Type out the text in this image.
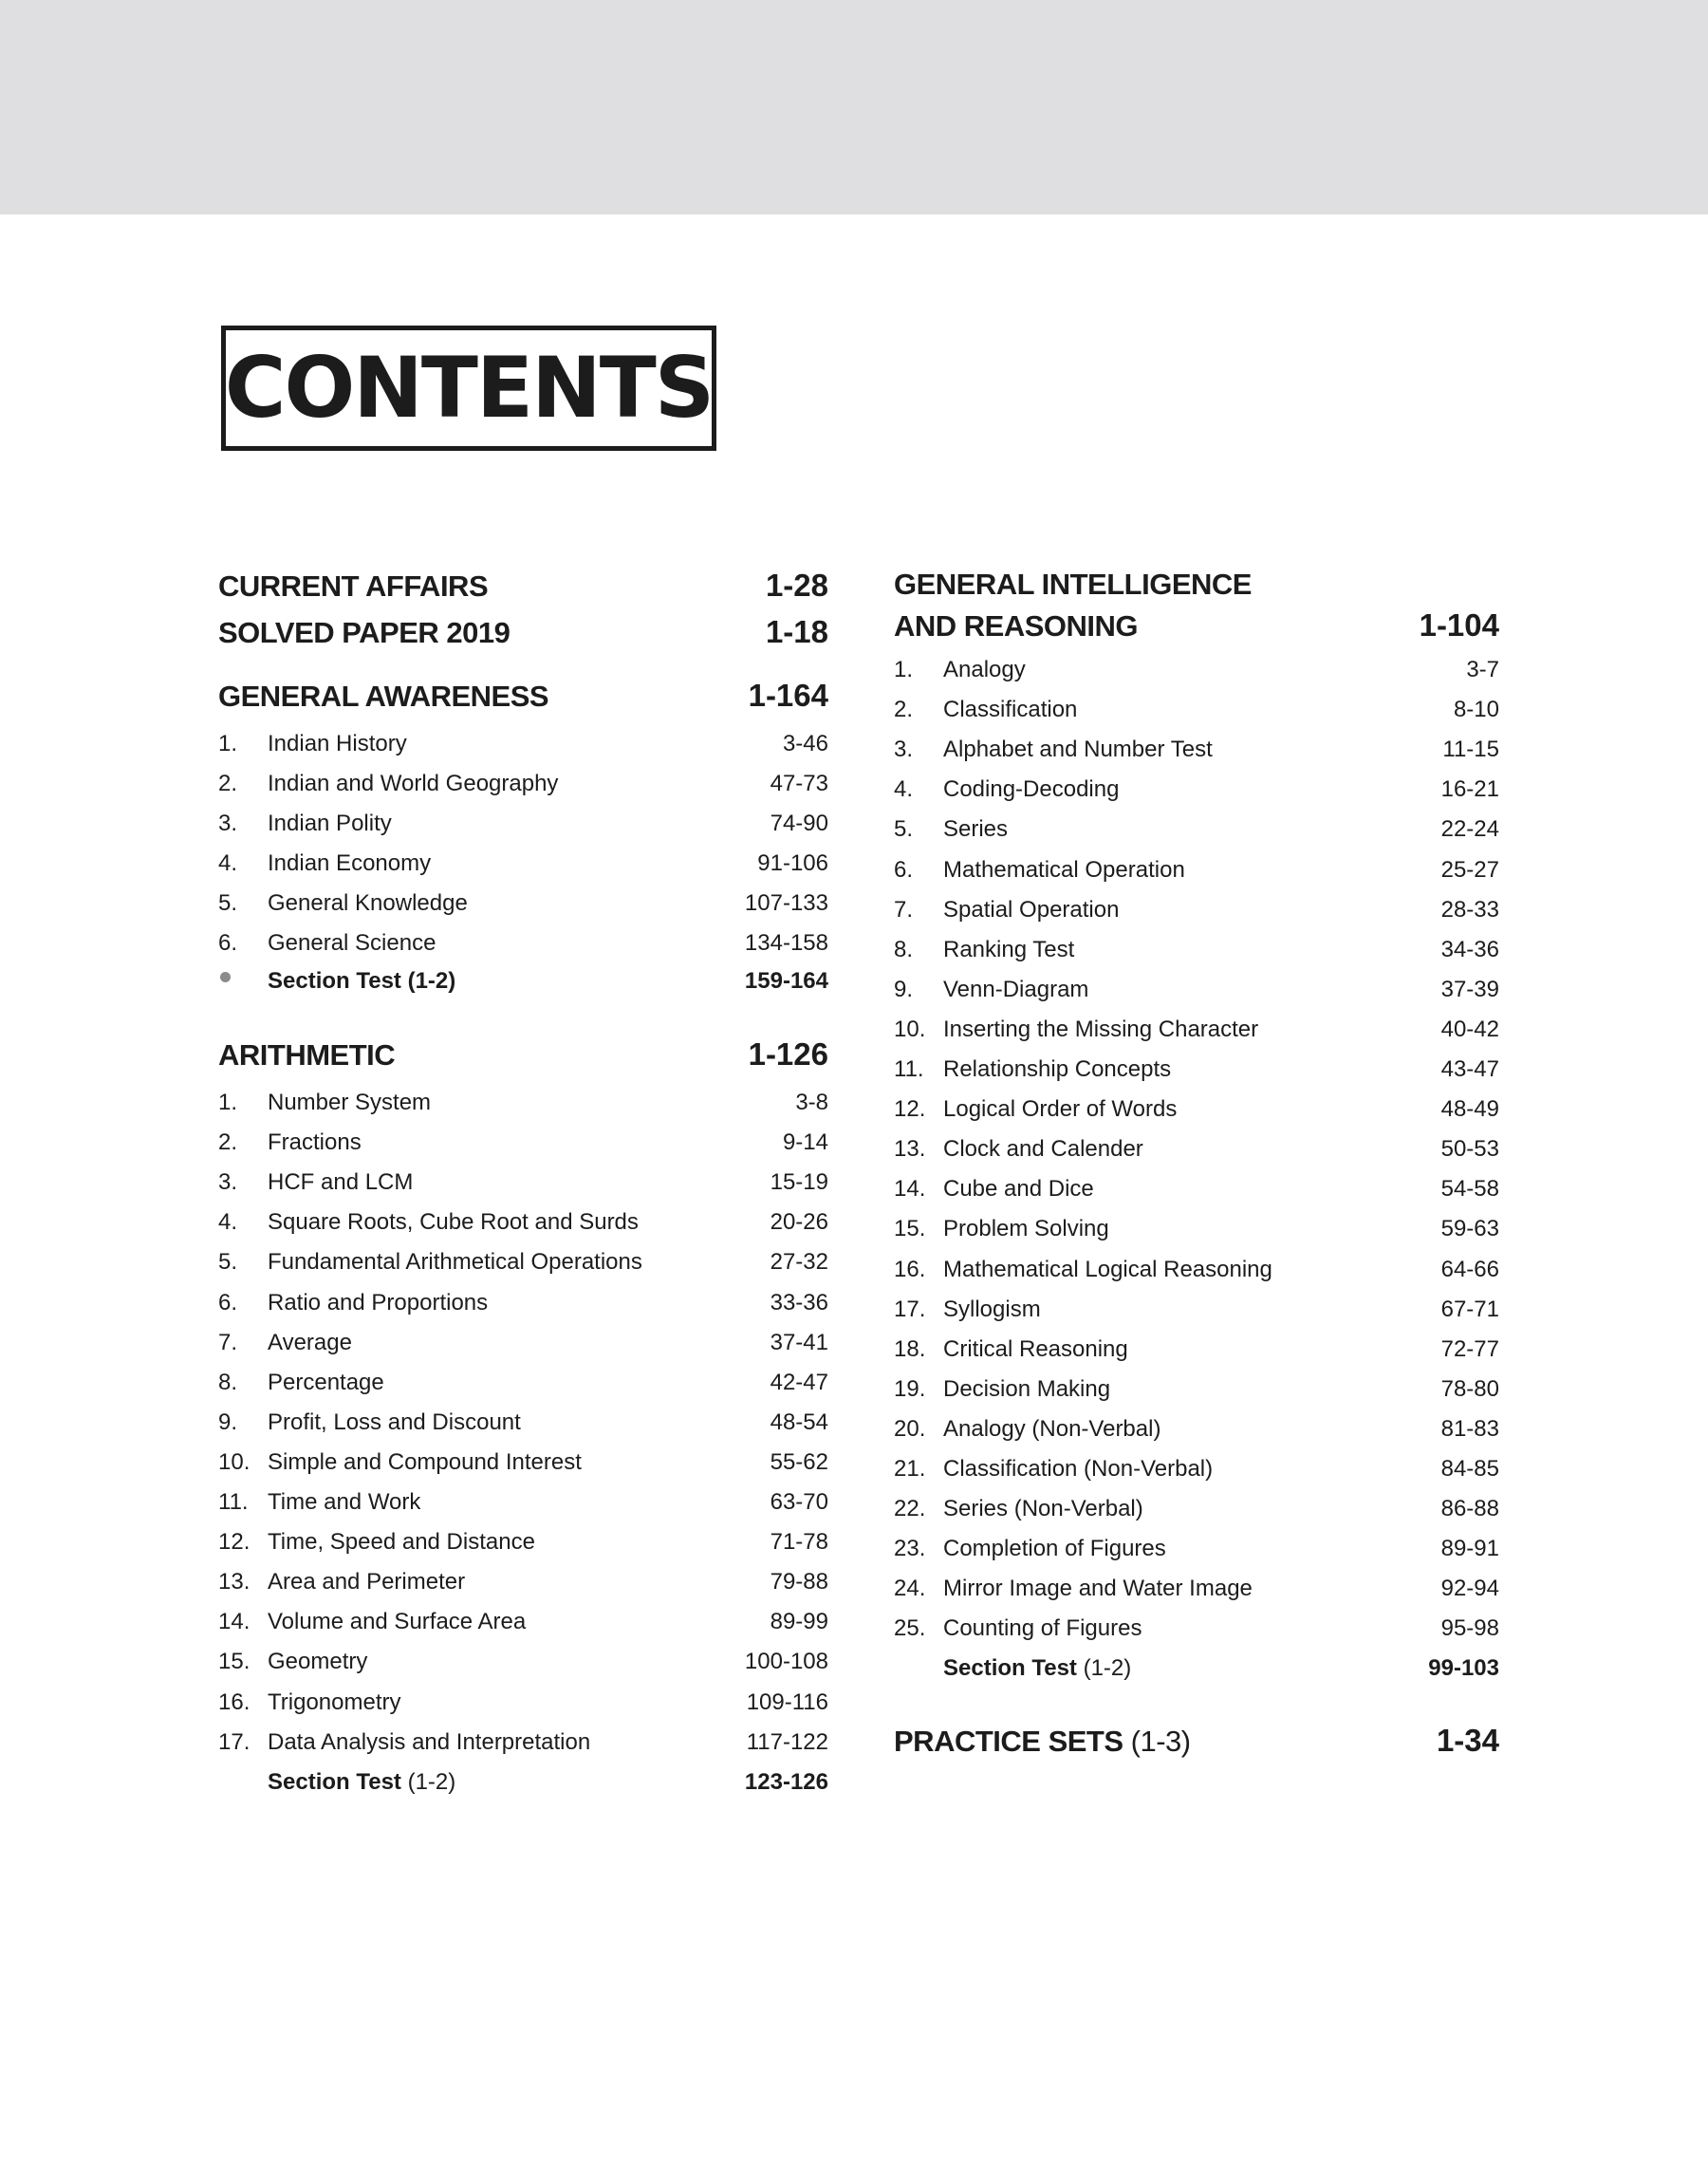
CONTENTS
CURRENT AFFAIRS	1-28
SOLVED PAPER 2019	1-18
GENERAL AWARENESS	1-164
1.	Indian History	3-46
2.	Indian and World Geography	47-73
3.	Indian Polity	74-90
4.	Indian Economy	91-106
5.	General Knowledge	107-133
6.	General Science	134-158
Section Test (1-2)	159-164
ARITHMETIC	1-126
1.	Number System	3-8
2.	Fractions	9-14
3.	HCF and LCM	15-19
4.	Square Roots, Cube Root and Surds	20-26
5.	Fundamental Arithmetical Operations	27-32
6.	Ratio and Proportions	33-36
7.	Average	37-41
8.	Percentage	42-47
9.	Profit, Loss and Discount	48-54
10. Simple and Compound Interest	55-62
11. Time and Work	63-70
12. Time, Speed and Distance	71-78
13. Area and Perimeter	79-88
14. Volume and Surface Area	89-99
15. Geometry	100-108
16. Trigonometry	109-116
17. Data Analysis and Interpretation	117-122
Section Test (1-2)	123-126
GENERAL INTELLIGENCE
AND REASONING	1-104
1.	Analogy	3-7
2.	Classification	8-10
3.	Alphabet and Number Test	11-15
4.	Coding-Decoding	16-21
5.	Series	22-24
6.	Mathematical Operation	25-27
7.	Spatial Operation	28-33
8.	Ranking Test	34-36
9.	Venn-Diagram	37-39
10. Inserting the Missing Character	40-42
11. Relationship Concepts	43-47
12. Logical Order of Words	48-49
13. Clock and Calender	50-53
14. Cube and Dice	54-58
15. Problem Solving	59-63
16. Mathematical Logical Reasoning	64-66
17. Syllogism	67-71
18. Critical Reasoning	72-77
19. Decision Making	78-80
20. Analogy (Non-Verbal)	81-83
21. Classification (Non-Verbal)	84-85
22. Series (Non-Verbal)	86-88
23. Completion of Figures	89-91
24. Mirror Image and Water Image	92-94
25. Counting of Figures	95-98
Section Test (1-2)	99-103
PRACTICE SETS (1-3)	1-34
